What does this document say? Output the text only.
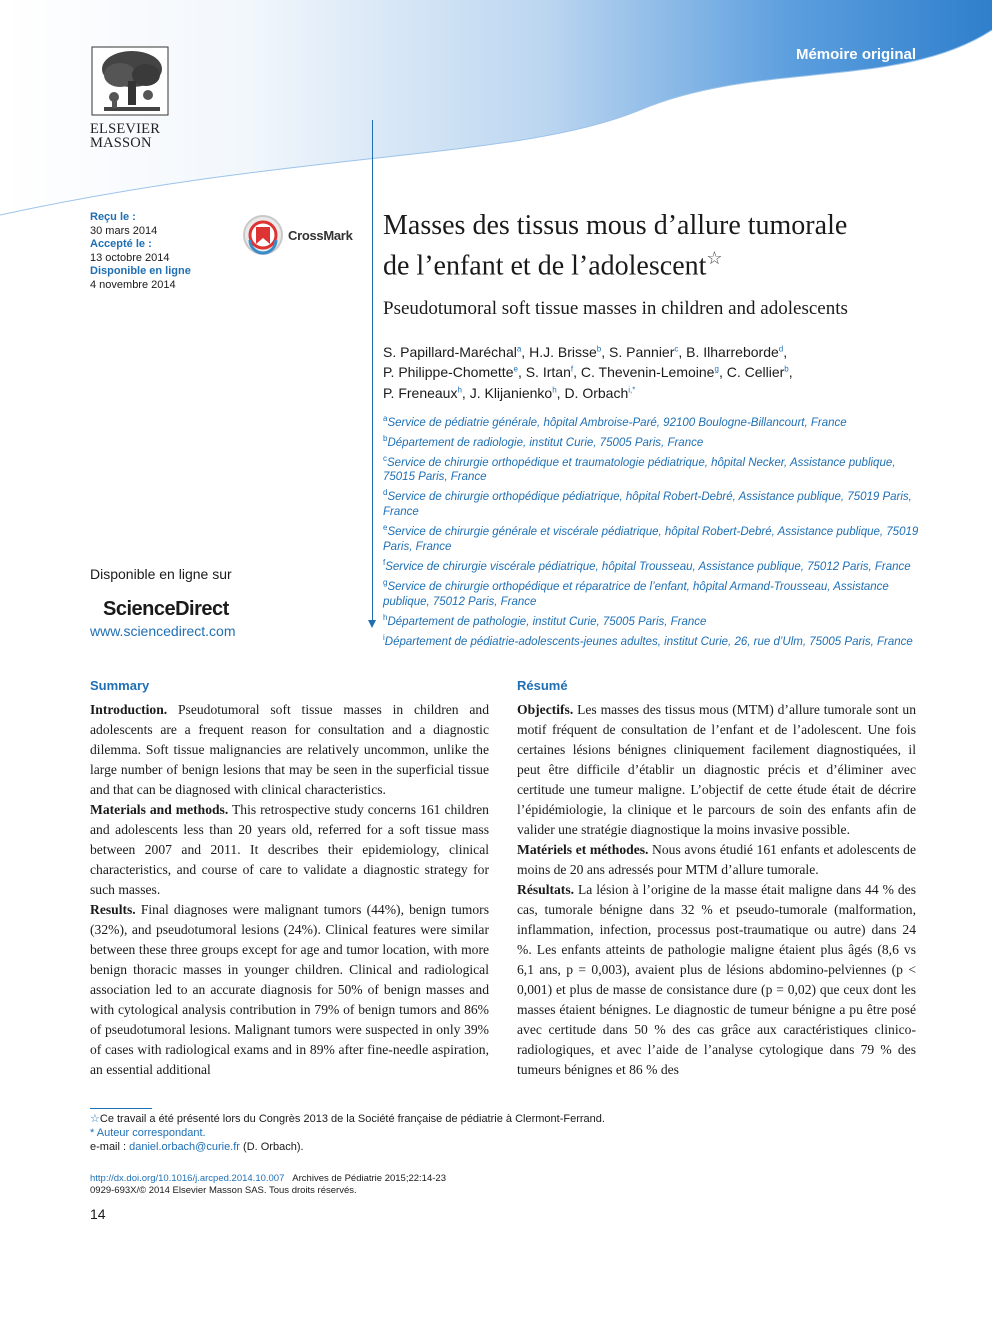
Mémoire original
ELSEVIER
MASSON
Reçu le :
30 mars 2014
Accepté le :
13 octobre 2014
Disponible en ligne
4 novembre 2014
CrossMark Masses des tissus mous d’allure tumorale
de l’enfant et de l’adolescent☆
Pseudotumoral soft tissue masses in children and adolescents
S. Papillard-Maréchal$^a$, H.J. Brisse$^b$, S. Pannier$^c$, B. Ilharreborde$^d$,
P. Philippe-Chomette$^e$, S. Irtan$^f$, C. Thevenin-Lemoine$^g$, C. Cellier$^b$,
P. Freneaux$^h$, J. Klijanienko$^h$, D. Orbach$^{i,*}$
$^a$Service de pédiatrie générale, hôpital Ambroise-Paré, 92100 Boulogne-Billancourt, France
$^b$Département de radiologie, institut Curie, 75005 Paris, France
$^c$Service de chirurgie orthopédique et traumatologie pédiatrique, hôpital Necker, Assistance publique, 75015 Paris, France
$^d$Service de chirurgie orthopédique pédiatrique, hôpital Robert-Debré, Assistance publique, 75019 Paris, France
$^e$Service de chirurgie générale et viscérale pédiatrique, hôpital Robert-Debré, Assistance publique, 75019 Paris, France
$^f$Service de chirurgie viscérale pédiatrique, hôpital Trousseau, Assistance publique, 75012 Paris, France
$^g$Service de chirurgie orthopédique et réparatrice de l’enfant, hôpital Armand-Trousseau, Assistance publique, 75012 Paris, France
$^h$Département de pathologie, institut Curie, 75005 Paris, France
$^i$Département de pédiatrie-adolescents-jeunes adultes, institut Curie, 26, rue d’Ulm, 75005 Paris, France
Disponible en ligne sur
ScienceDirect
www.sciencedirect.com
Summary

Introduction. Pseudotumoral soft tissue masses in children and adolescents are a frequent reason for consultation and a diagnostic dilemma. Soft tissue malignancies are relatively uncommon, unlike the large number of benign lesions that may be seen in the superficial tissue and that can be diagnosed with clinical characteristics.

Materials and methods. This retrospective study concerns 161 children and adolescents less than 20 years old, referred for a soft tissue mass between 2007 and 2011. It describes their epidemiology, clinical characteristics, and course of care to validate a diagnostic strategy for such masses.

Results. Final diagnoses were malignant tumors (44%), benign tumors (32%), and pseudotumoral lesions (24%). Clinical features were similar between these three groups except for age and tumor location, with more benign thoracic masses in younger children. Clinical and radiological association led to an accurate diagnosis for 50% of benign masses and with cytological analysis contribution in 79% of benign tumors and 86% of pseudotumoral lesions. Malignant tumors were suspected in only 39% of cases with radiological exams and in 89% after fine-needle aspiration, an essential additional

Résumé

Objectifs. Les masses des tissus mous (MTM) d’allure tumorale sont un motif fréquent de consultation de l’enfant et de l’adolescent. Une fois certaines lésions bénignes cliniquement facilement diagnostiquées, il peut être difficile d’établir un diagnostic précis et d’éliminer avec certitude une tumeur maligne. L’objectif de cette étude était de décrire l’épidémiologie, la clinique et le parcours de soin des enfants afin de valider une stratégie diagnostique la moins invasive possible.

Matériels et méthodes. Nous avons étudié 161 enfants et adolescents de moins de 20 ans adressés pour MTM d’allure tumorale.

Résultats. La lésion à l’origine de la masse était maligne dans 44 % des cas, tumorale bénigne dans 32 % et pseudo-tumorale (malformation, inflammation, infection, processus post-traumatique ou autre) dans 24 %. Les enfants atteints de pathologie maligne étaient plus âgés (8,6 vs 6,1 ans, p = 0,003), avaient plus de lésions abdomino-pelviennes (p < 0,001) et plus de masse de consistance dure (p = 0,02) que ceux dont les masses étaient bénignes. Le diagnostic de tumeur bénigne a pu être posé avec certitude dans 50 % des cas grâce aux caractéristiques clinico-radiologiques, et avec l’aide de l’analyse cytologique dans 79 % des tumeurs bénignes et 86 % des

☆Ce travail a été présenté lors du Congrès 2013 de la Société française de pédiatrie à Clermont-Ferrand.
* Auteur correspondant.
e-mail : daniel.orbach@curie.fr (D. Orbach).
http://dx.doi.org/10.1016/j.arcped.2014.10.007 Archives de Pédiatrie 2015;22:14-23
0929-693X/© 2014 Elsevier Masson SAS. Tous droits réservés.
14
